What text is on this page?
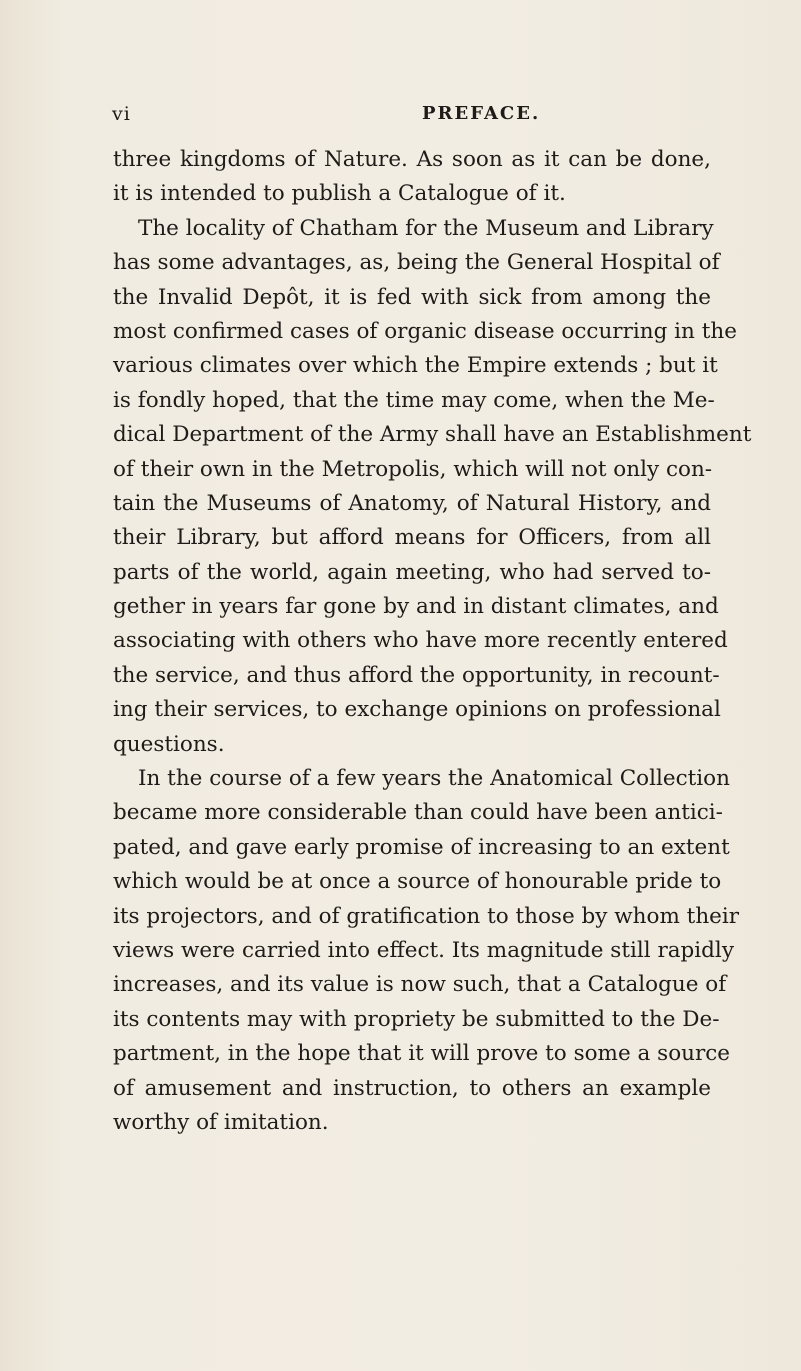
vi	PREFACE.
three kingdoms of Nature. As soon as it can be done,
it is intended to publish a Catalogue of it.
The locality of Chatham for the Museum and Library
has some advantages, as, being the General Hospital of
the Invalid Depôt, it is fed with sick from among the
most confirmed cases of organic disease occurring in the
various climates over which the Empire extends ; but it
is fondly hoped, that the time may come, when the Me-
dical Department of the Army shall have an Establishment
of their own in the Metropolis, which will not only con-
tain the Museums of Anatomy, of Natural History, and
their Library, but afford means for Officers, from all
parts of the world, again meeting, who had served to-
gether in years far gone by and in distant climates, and
associating with others who have more recently entered
the service, and thus afford the opportunity, in recount-
ing their services, to exchange opinions on professional
questions.
In the course of a few years the Anatomical Collection
became more considerable than could have been antici-
pated, and gave early promise of increasing to an extent
which would be at once a source of honourable pride to
its projectors, and of gratification to those by whom their
views were carried into effect. Its magnitude still rapidly
increases, and its value is now such, that a Catalogue of
its contents may with propriety be submitted to the De-
partment, in the hope that it will prove to some a source
of amusement and instruction, to others an example
worthy of imitation.
